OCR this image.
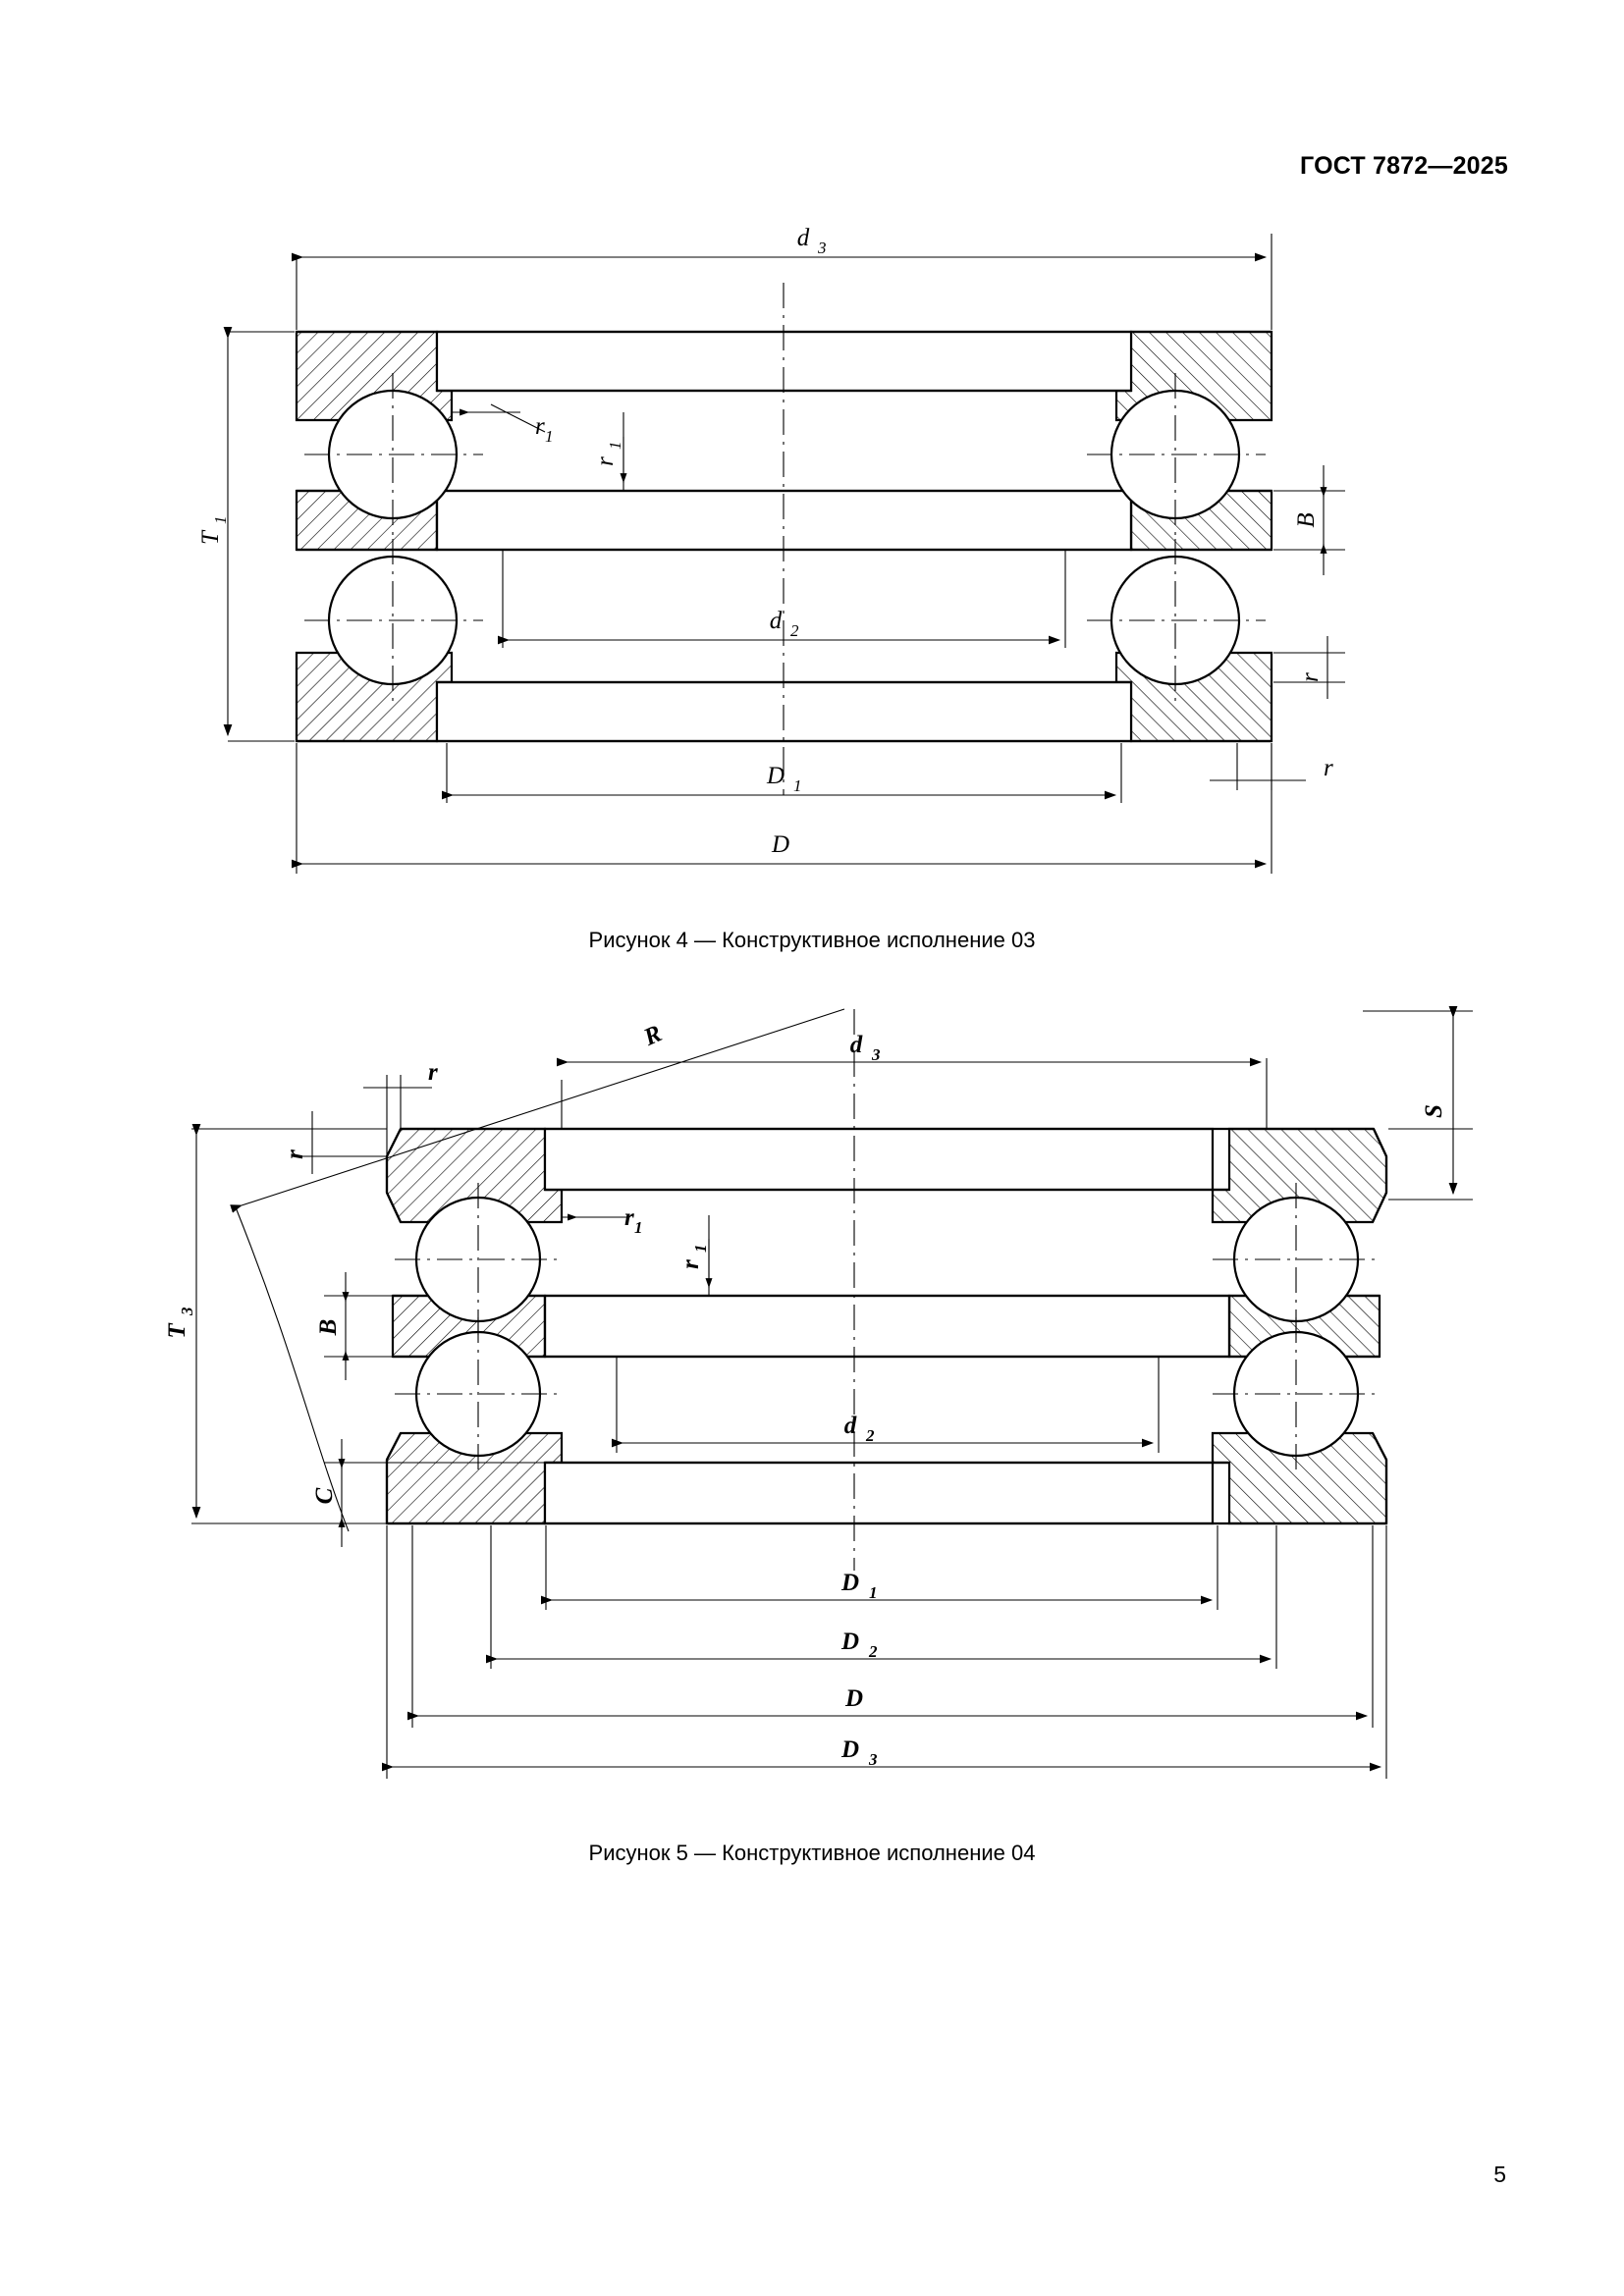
ГОСТ 7872—2025
d 3
T
1	B
d 2
D 1
D
r 1
r
1
r
r
Рисунок 4 — Конструктивное исполнение 03
R	d 3
S
T
3
B
C
r
r
r 1
r
1
d 2
D 1
D 2
D
D 3
Рисунок 5 — Конструктивное исполнение 04
5
